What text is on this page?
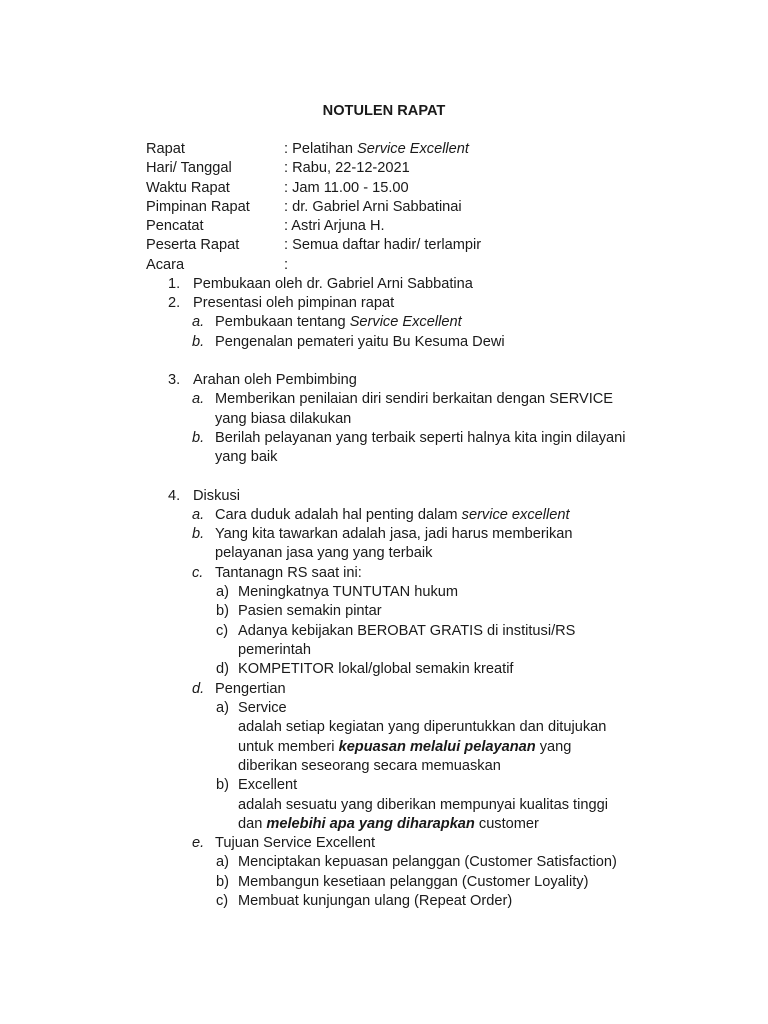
NOTULEN RAPAT
Rapat	: Pelatihan Service Excellent
Hari/ Tanggal	: Rabu, 22-12-2021
Waktu Rapat	: Jam 11.00 - 15.00
Pimpinan Rapat : dr. Gabriel Arni Sabbatinai
Pencatat	: Astri Arjuna H.
Peserta Rapat	: Semua daftar hadir/ terlampir
Acara	:
1. Pembukaan oleh dr. Gabriel Arni Sabbatina
2. Presentasi oleh pimpinan rapat
a. Pembukaan tentang Service Excellent
b. Pengenalan pemateri yaitu Bu Kesuma Dewi
3. Arahan oleh Pembimbing
a. Memberikan penilaian diri sendiri berkaitan dengan SERVICE
yang biasa dilakukan
b. Berilah pelayanan yang terbaik seperti halnya kita ingin dilayani
yang baik
4. Diskusi
a. Cara duduk adalah hal penting dalam service excellent
b. Yang kita tawarkan adalah jasa, jadi harus memberikan
pelayanan jasa yang yang terbaik
c. Tantanagn RS saat ini:
a) Meningkatnya TUNTUTAN hukum
b) Pasien semakin pintar
c) Adanya kebijakan BEROBAT GRATIS di institusi/RS
pemerintah
d) KOMPETITOR lokal/global semakin kreatif
d. Pengertian
a) Service
adalah setiap kegiatan yang diperuntukkan dan ditujukan
untuk memberi kepuasan melalui pelayanan yang
diberikan seseorang secara memuaskan
b) Excellent
adalah sesuatu yang diberikan mempunyai kualitas tinggi
dan melebihi apa yang diharapkan customer
e. Tujuan Service Excellent
a) Menciptakan kepuasan pelanggan (Customer Satisfaction)
b) Membangun kesetiaan pelanggan (Customer Loyality)
c) Membuat kunjungan ulang (Repeat Order)
